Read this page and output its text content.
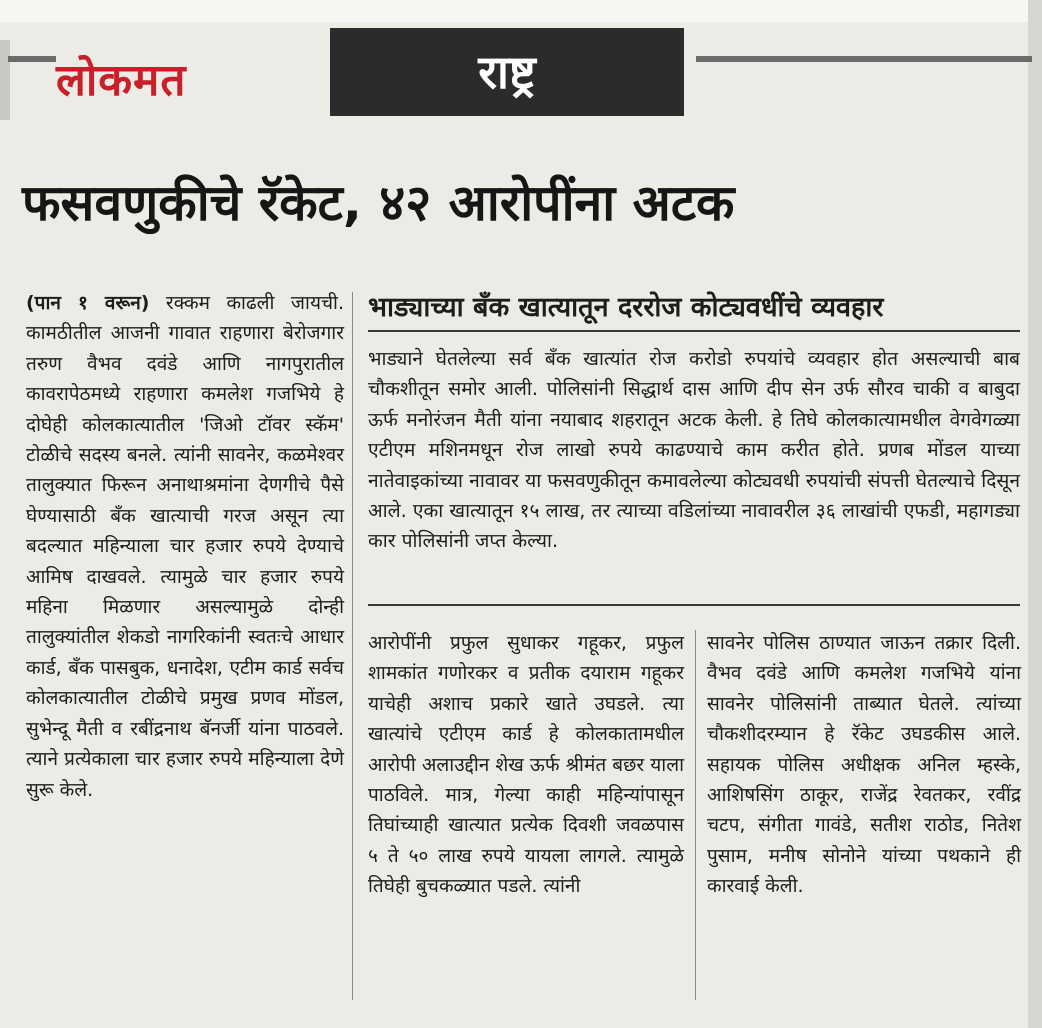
लोकमत	राष्ट्र
फसवणुकीचे रॅकेट, ४२ आरोपींना अटक
(पान १ वरून) रक्कम काढली जायची. कामठीतील आजनी गावात राहणारा बेरोजगार तरुण वैभव दवंडे आणि नागपुरातील कावरापेठमध्ये राहणारा कमलेश गजभिये हे दोघेही कोलकात्यातील 'जिओ टॉवर स्कॅम' टोळीचे सदस्य बनले. त्यांनी सावनेर, कळमेश्वर तालुक्यात फिरून अनाथाश्रमांना देणगीचे पैसे घेण्यासाठी बँक खात्याची गरज असून त्या बदल्यात महिन्याला चार हजार रुपये देण्याचे आमिष दाखवले. त्यामुळे चार हजार रुपये महिना मिळणार असल्यामुळे दोन्ही तालुक्यांतील शेकडो नागरिकांनी स्वतःचे आधार कार्ड, बँक पासबुक, धनादेश, एटीम कार्ड सर्वच कोलकात्यातील टोळीचे प्रमुख प्रणव मोंडल, सुभेन्दू मैती व रबींद्रनाथ बॅनर्जी यांना पाठवले. त्याने प्रत्येकाला चार हजार रुपये महिन्याला देणे सुरू केले.
भाड्याच्या बँक खात्यातून दररोज कोट्यवधींचे व्यवहार
भाड्याने घेतलेल्या सर्व बँक खात्यांत रोज करोडो रुपयांचे व्यवहार होत असल्याची बाब चौकशीतून समोर आली. पोलिसांनी सिद्धार्थ दास आणि दीप सेन उर्फ सौरव चाकी व बाबुदा ऊर्फ मनोरंजन मैती यांना नयाबाद शहरातून अटक केली. हे तिघे कोलकात्यामधील वेगवेगळ्या एटीएम मशिनमधून रोज लाखो रुपये काढण्याचे काम करीत होते. प्रणब मोंडल याच्या नातेवाइकांच्या नावावर या फसवणुकीतून कमावलेल्या कोट्यवधी रुपयांची संपत्ती घेतल्याचे दिसून आले. एका खात्यातून १५ लाख, तर त्याच्या वडिलांच्या नावावरील ३६ लाखांची एफडी, महागड्या कार पोलिसांनी जप्त केल्या.
आरोपींनी प्रफुल सुधाकर गहूकर, प्रफुल शामकांत गणोरकर व प्रतीक दयाराम गहूकर याचेही अशाच प्रकारे खाते उघडले. त्या खात्यांचे एटीएम कार्ड हे कोलकातामधील आरोपी अलाउद्दीन शेख ऊर्फ श्रीमंत बछर याला पाठविले. मात्र, गेल्या काही महिन्यांपासून तिघांच्याही खात्यात प्रत्येक दिवशी जवळपास ५ ते ५० लाख रुपये यायला लागले. त्यामुळे तिघेही बुचकळ्यात पडले. त्यांनी
सावनेर पोलिस ठाण्यात जाऊन तक्रार दिली. वैभव दवंडे आणि कमलेश गजभिये यांना सावनेर पोलिसांनी ताब्यात घेतले. त्यांच्या चौकशीदरम्यान हे रॅकेट उघडकीस आले. सहायक पोलिस अधीक्षक अनिल म्हस्के, आशिषसिंग ठाकूर, राजेंद्र रेवतकर, रवींद्र चटप, संगीता गावंडे, सतीश राठोड, नितेश पुसाम, मनीष सोनोने यांच्या पथकाने ही कारवाई केली.
